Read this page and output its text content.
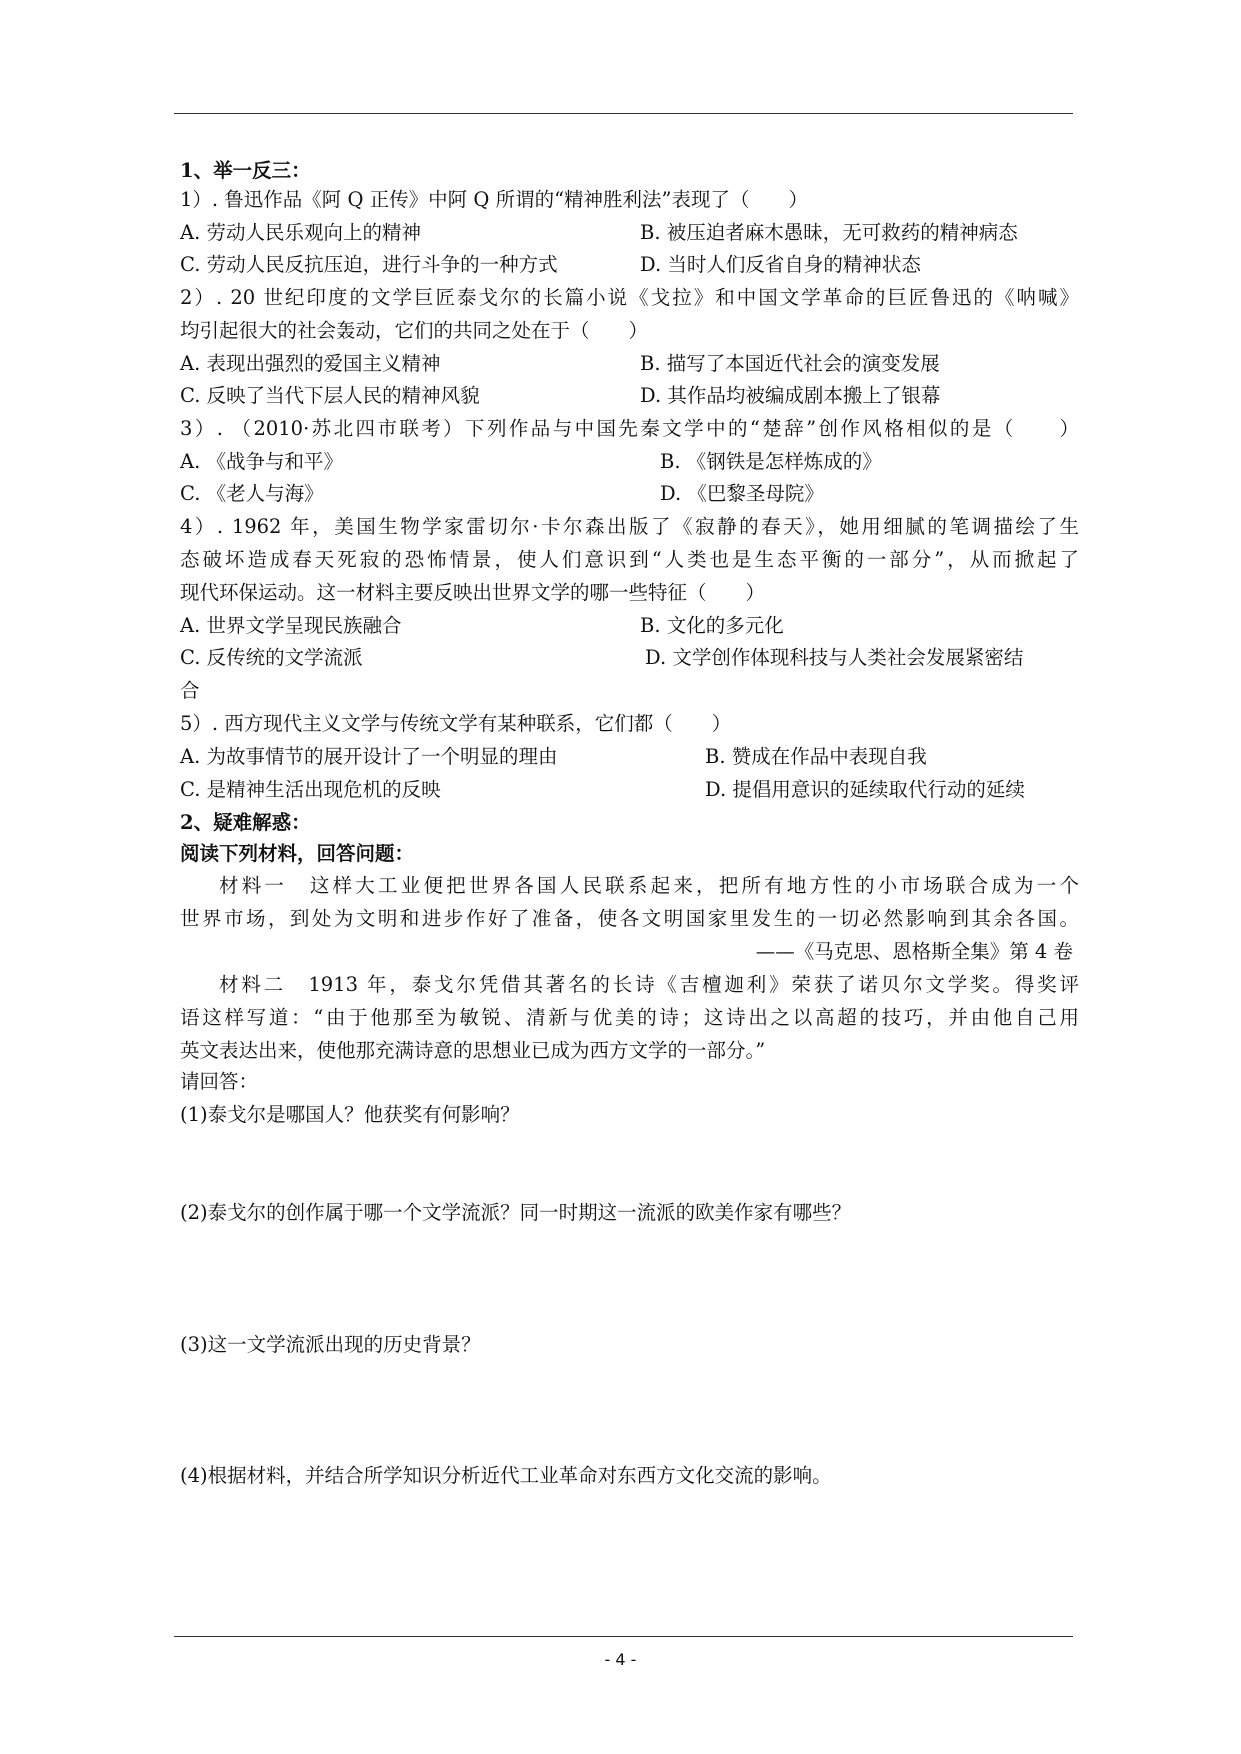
1、举一反三：
1）. 鲁迅作品《阿 Q 正传》中阿 Q 所谓的“精神胜利法”表现了（　　）
A. 劳动人民乐观向上的精神	B. 被压迫者麻木愚昧，无可救药的精神病态
C. 劳动人民反抗压迫，进行斗争的一种方式	D. 当时人们反省自身的精神状态
2）. 20 世纪印度的文学巨匠泰戈尔的长篇小说《戈拉》和中国文学革命的巨匠鲁迅的《呐喊》
均引起很大的社会轰动，它们的共同之处在于（　　）
A. 表现出强烈的爱国主义精神	B. 描写了本国近代社会的演变发展
C. 反映了当代下层人民的精神风貌	D. 其作品均被编成剧本搬上了银幕
3）. （2010·苏北四市联考）下列作品与中国先秦文学中的“楚辞”创作风格相似的是（　　）
A. 《战争与和平》	B. 《钢铁是怎样炼成的》
C. 《老人与海》	D. 《巴黎圣母院》
4）. 1962 年，美国生物学家雷切尔·卡尔森出版了《寂静的春天》，她用细腻的笔调描绘了生
态破坏造成春天死寂的恐怖情景，使人们意识到“人类也是生态平衡的一部分”，从而掀起了
现代环保运动。这一材料主要反映出世界文学的哪一些特征（　　）
A. 世界文学呈现民族融合	B. 文化的多元化
C. 反传统的文学流派	D. 文学创作体现科技与人类社会发展紧密结
合
5）. 西方现代主义文学与传统文学有某种联系，它们都（　　）
A. 为故事情节的展开设计了一个明显的理由	B. 赞成在作品中表现自我
C. 是精神生活出现危机的反映	D. 提倡用意识的延续取代行动的延续
2、疑难解惑：
阅读下列材料，回答问题：
材料一　这样大工业便把世界各国人民联系起来，把所有地方性的小市场联合成为一个
世界市场，到处为文明和进步作好了准备，使各文明国家里发生的一切必然影响到其余各国。
——《马克思、恩格斯全集》第 4 卷
材料二　1913 年，泰戈尔凭借其著名的长诗《吉檀迦利》荣获了诺贝尔文学奖。得奖评
语这样写道：“由于他那至为敏锐、清新与优美的诗；这诗出之以高超的技巧，并由他自己用
英文表达出来，使他那充满诗意的思想业已成为西方文学的一部分。”
请回答：
(1)泰戈尔是哪国人？他获奖有何影响？
(2)泰戈尔的创作属于哪一个文学流派？同一时期这一流派的欧美作家有哪些？
(3)这一文学流派出现的历史背景？
(4)根据材料，并结合所学知识分析近代工业革命对东西方文化交流的影响。
- 4 -
